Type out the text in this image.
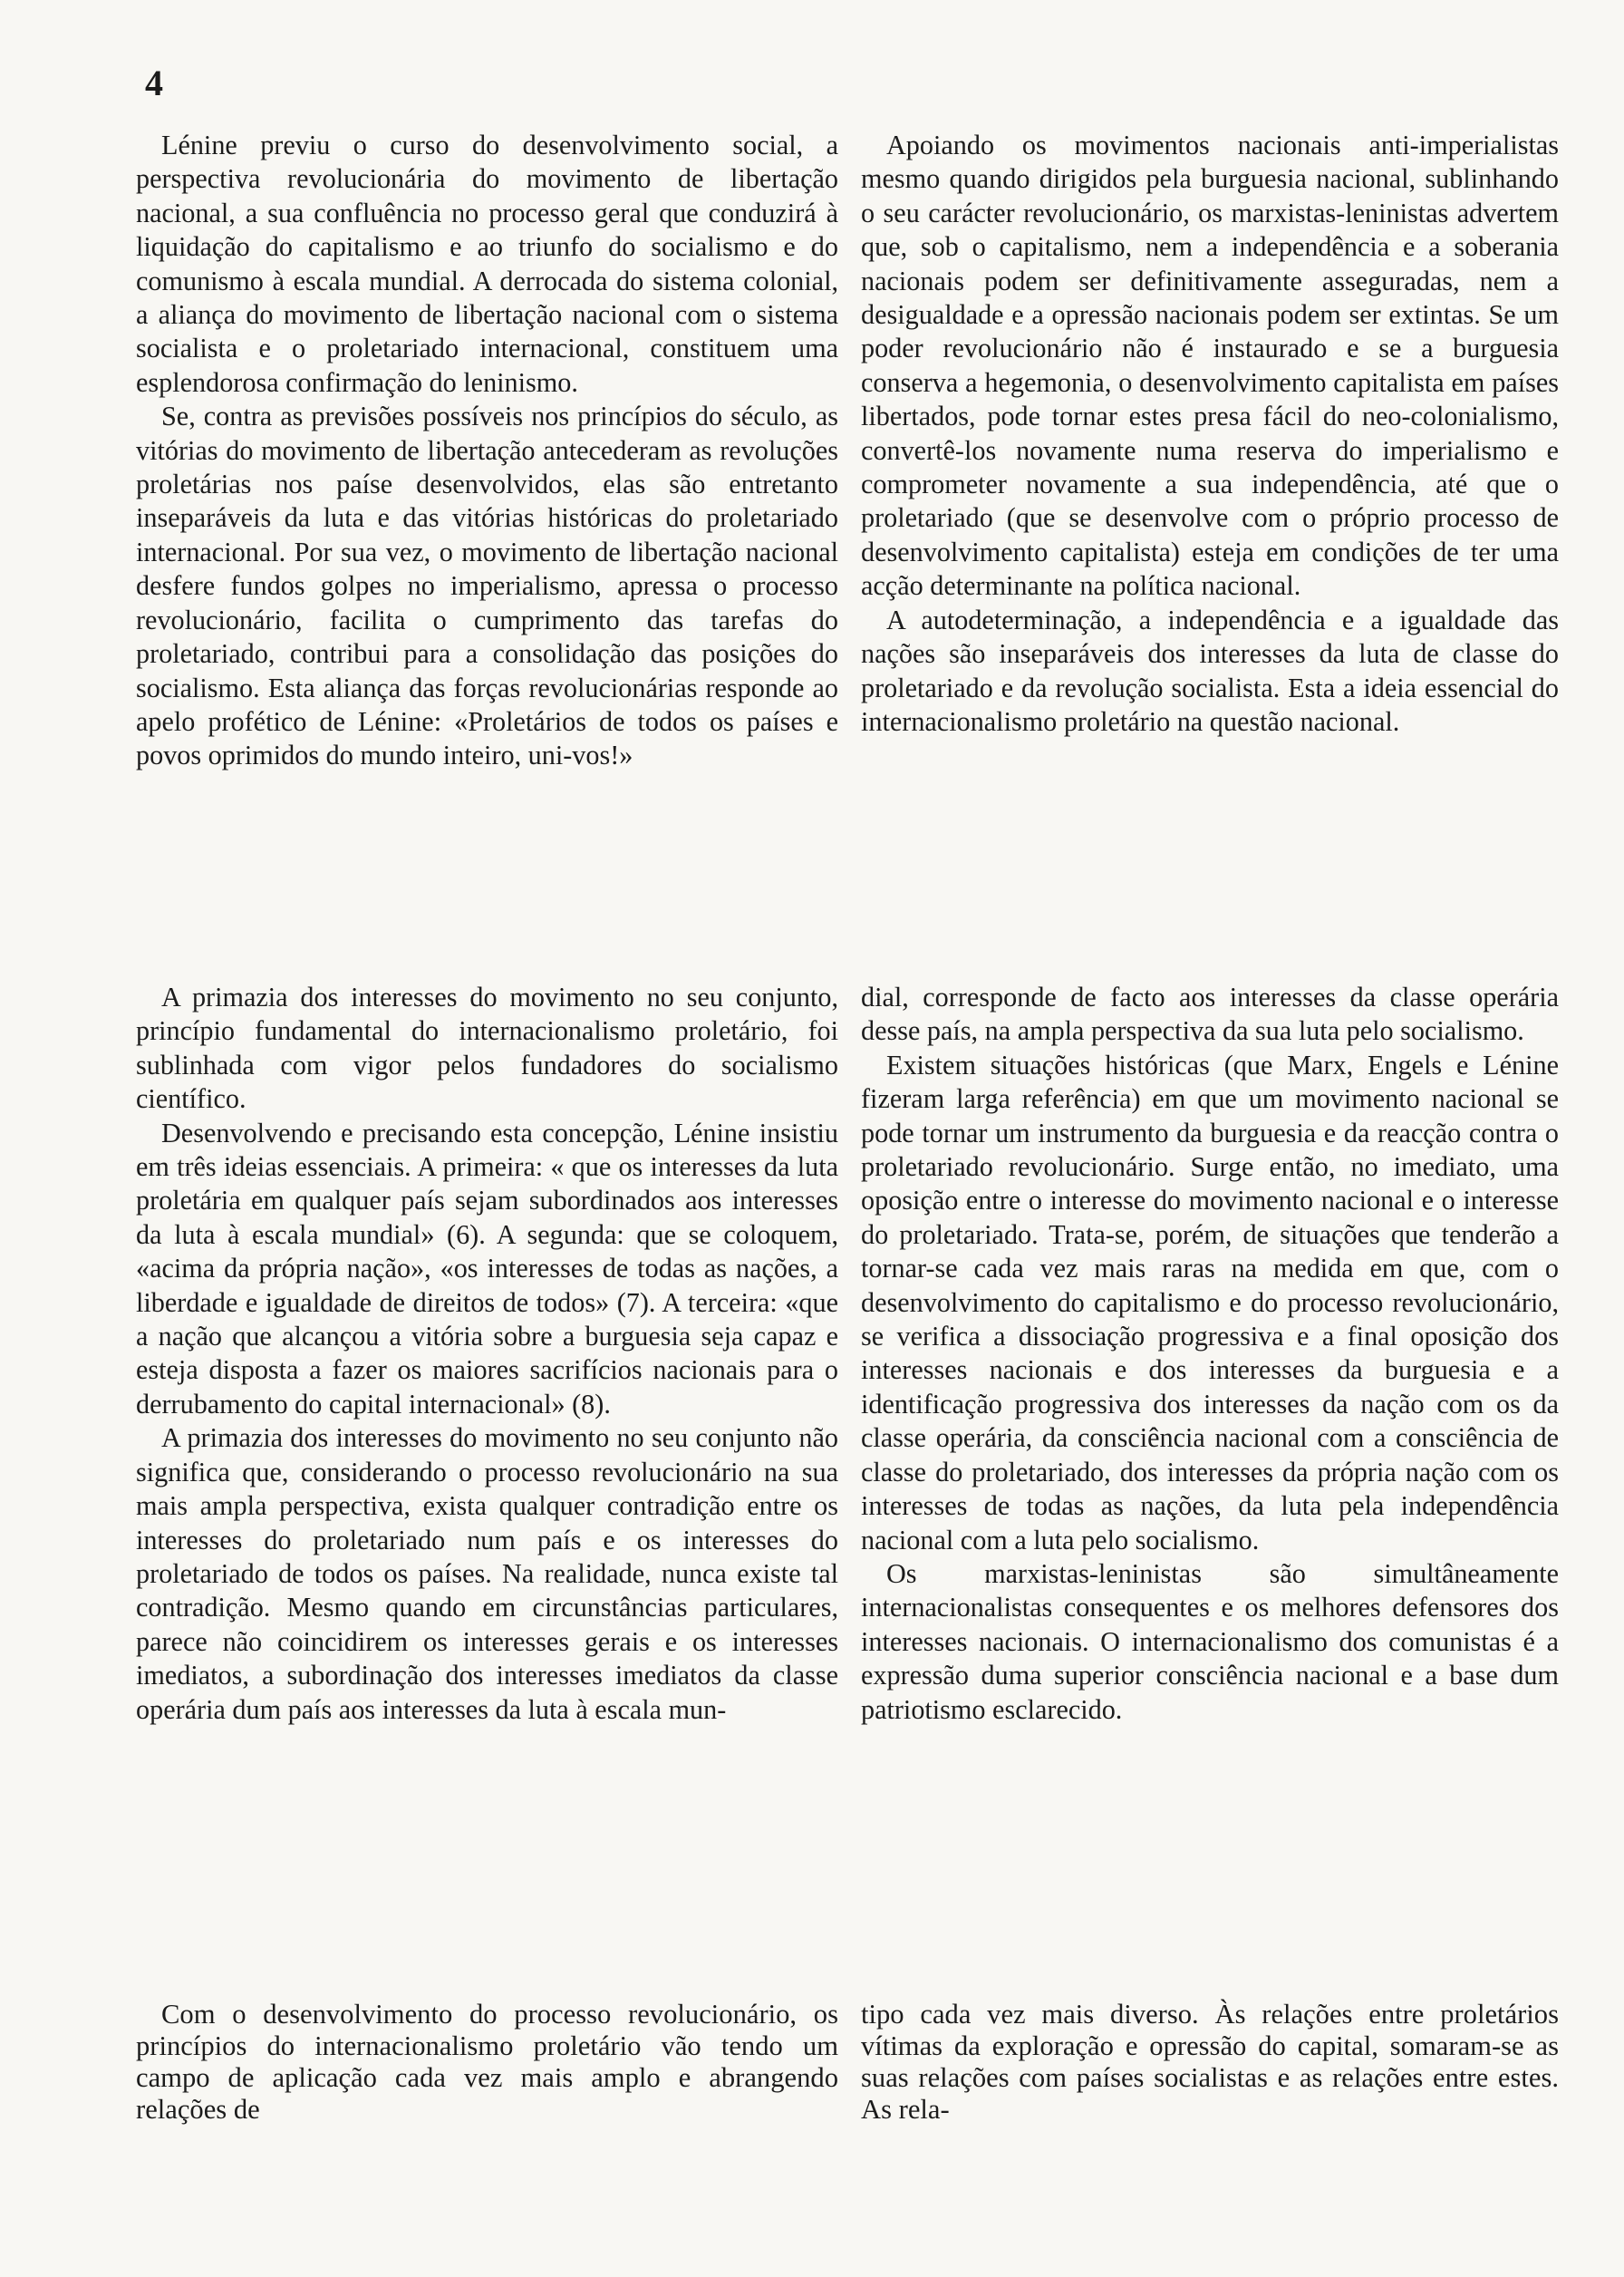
4

Lénine previu o curso do desenvolvimento social, a perspectiva revolucionária do movimento de libertação nacional, a sua confluência no processo geral que conduzirá à liquidação do capitalismo e ao triunfo do socialismo e do comunismo à escala mundial. A derrocada do sistema colonial, a aliança do movimento de libertação nacional com o sistema socialista e o proletariado internacional, constituem uma esplendorosa confirmação do leninismo.

Se, contra as previsões possíveis nos princípios do século, as vitórias do movimento de libertação antecederam as revoluções proletárias nos paíse desenvolvidos, elas são entretanto inseparáveis da luta e das vitórias históricas do proletariado internacional. Por sua vez, o movimento de libertação nacional desfere fundos golpes no imperialismo, apressa o processo revolucionário, facilita o cumprimento das tarefas do proletariado, contribui para a consolidação das posições do socialismo. Esta aliança das forças revolucionárias responde ao apelo profético de Lénine: «Proletários de todos os países e povos oprimidos do mundo inteiro, uni-vos!»

Apoiando os movimentos nacionais anti-imperialistas mesmo quando dirigidos pela burguesia nacional, sublinhando o seu carácter revolucionário, os marxistas-leninistas advertem que, sob o capitalismo, nem a independência e a soberania nacionais podem ser definitivamente asseguradas, nem a desigualdade e a opressão nacionais podem ser extintas. Se um poder revolucionário não é instaurado e se a burguesia conserva a hegemonia, o desenvolvimento capitalista em países libertados, pode tornar estes presa fácil do neo-colonialismo, convertê-los novamente numa reserva do imperialismo e comprometer novamente a sua independência, até que o proletariado (que se desenvolve com o próprio processo de desenvolvimento capitalista) esteja em condições de ter uma acção determinante na política nacional.

A autodeterminação, a independência e a igualdade das nações são inseparáveis dos interesses da luta de classe do proletariado e da revolução socialista. Esta a ideia essencial do internacionalismo proletário na questão nacional.

A primazia dos interesses do movimento no seu conjunto, princípio fundamental do internacionalismo proletário, foi sublinhada com vigor pelos fundadores do socialismo científico.

Desenvolvendo e precisando esta concepção, Lénine insistiu em três ideias essenciais. A primeira: « que os interesses da luta proletária em qualquer país sejam subordinados aos interesses da luta à escala mundial» (6). A segunda: que se coloquem, «acima da própria nação», «os interesses de todas as nações, a liberdade e igualdade de direitos de todos» (7). A terceira: «que a nação que alcançou a vitória sobre a burguesia seja capaz e esteja disposta a fazer os maiores sacrifícios nacionais para o derrubamento do capital internacional» (8).

A primazia dos interesses do movimento no seu conjunto não significa que, considerando o processo revolucionário na sua mais ampla perspectiva, exista qualquer contradição entre os interesses do proletariado num país e os interesses do proletariado de todos os países. Na realidade, nunca existe tal contradição. Mesmo quando em circunstâncias particulares, parece não coincidirem os interesses gerais e os interesses imediatos, a subordinação dos interesses imediatos da classe operária dum país aos interesses da luta à escala mun-

dial, corresponde de facto aos interesses da classe operária desse país, na ampla perspectiva da sua luta pelo socialismo.

Existem situações históricas (que Marx, Engels e Lénine fizeram larga referência) em que um movimento nacional se pode tornar um instrumento da burguesia e da reacção contra o proletariado revolucionário. Surge então, no imediato, uma oposição entre o interesse do movimento nacional e o interesse do proletariado. Trata-se, porém, de situações que tenderão a tornar-se cada vez mais raras na medida em que, com o desenvolvimento do capitalismo e do processo revolucionário, se verifica a dissociação progressiva e a final oposição dos interesses nacionais e dos interesses da burguesia e a identificação progressiva dos interesses da nação com os da classe operária, da consciência nacional com a consciência de classe do proletariado, dos interesses da própria nação com os interesses de todas as nações, da luta pela independência nacional com a luta pelo socialismo.

Os marxistas-leninistas são simultâneamente internacionalistas consequentes e os melhores defensores dos interesses nacionais. O internacionalismo dos comunistas é a expressão duma superior consciência nacional e a base dum patriotismo esclarecido.

Com o desenvolvimento do processo revolucionário, os princípios do internacionalismo proletário vão tendo um campo de aplicação cada vez mais amplo e abrangendo relações de

tipo cada vez mais diverso. Às relações entre proletários vítimas da exploração e opressão do capital, somaram-se as suas relações com países socialistas e as relações entre estes. As rela-
